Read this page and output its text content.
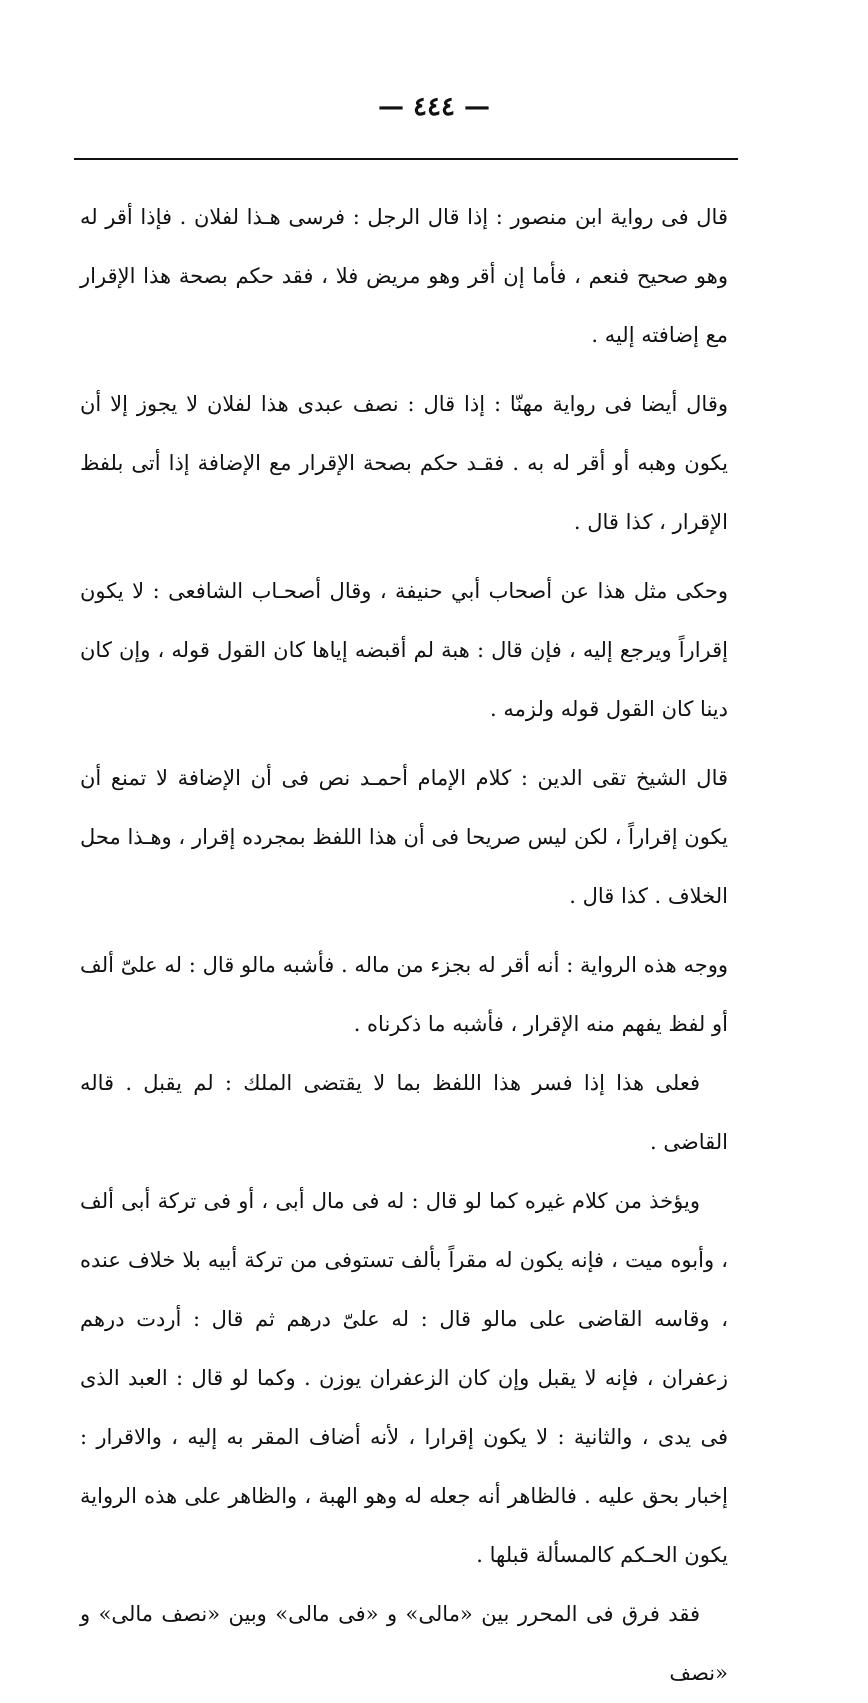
— ٤٤٤ —

قال فى رواية ابن منصور : إذا قال الرجل : فرسى هـذا لفلان . فإذا أقر له وهو صحيح فنعم ، فأما إن أقر وهو مريض فلا ، فقد حكم بصحة هذا الإقرار مع إضافته إليه .

وقال أيضا فى رواية مهنّا : إذا قال : نصف عبدى هذا لفلان لا يجوز إلا أن يكون وهبه أو أقر له به . فقـد حكم بصحة الإقرار مع الإضافة إذا أتى بلفظ الإقرار ، كذا قال .

وحكى مثل هذا عن أصحاب أبي حنيفة ، وقال أصحـاب الشافعى : لا يكون إقراراً ويرجع إليه ، فإن قال : هبة لم أقبضه إياها كان القول قوله ، وإن كان دينا كان القول قوله ولزمه .

قال الشيخ تقى الدين : كلام الإمام أحمـد نص فى أن الإضافة لا تمنع أن يكون إقراراً ، لكن ليس صريحا فى أن هذا اللفظ بمجرده إقرار ، وهـذا محل الخلاف . كذا قال .

ووجه هذه الرواية : أنه أقر له بجزء من ماله . فأشبه مالو قال : له علىّ ألف أو لفظ يفهم منه الإقرار ، فأشبه ما ذكرناه .

فعلى هذا إذا فسر هذا اللفظ بما لا يقتضى الملك : لم يقبل . قاله القاضى .

ويؤخذ من كلام غيره كما لو قال : له فى مال أبى ، أو فى تركة أبى ألف ، وأبوه ميت ، فإنه يكون له مقراً بألف تستوفى من تركة أبيه بلا خلاف عنده ، وقاسه القاضى على مالو قال : له علىّ درهم ثم قال : أردت درهم زعفران ، فإنه لا يقبل وإن كان الزعفران يوزن . وكما لو قال : العبد الذى فى يدى ، والثانية : لا يكون إقرارا ، لأنه أضاف المقر به إليه ، والاقرار : إخبار بحق عليه . فالظاهر أنه جعله له وهو الهبة ، والظاهر على هذه الرواية يكون الحـكم كالمسألة قبلها .

فقد فرق فى المحرر بين «مالى» و «فى مالى» وبين «نصف مالى» و «نصف
